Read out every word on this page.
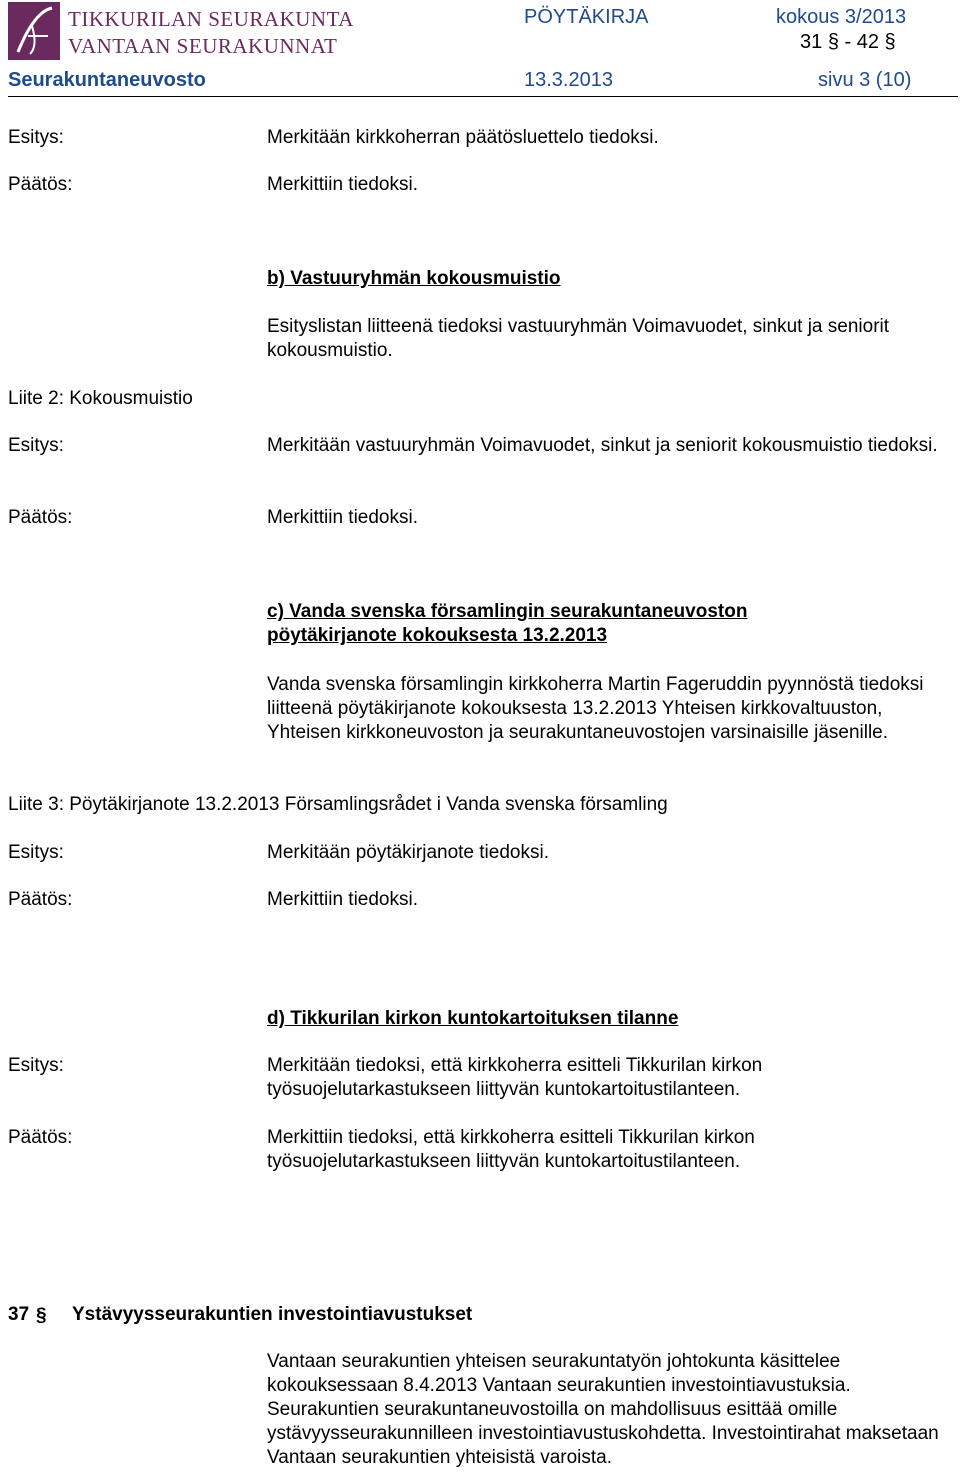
TIKKURILAN SEURAKUNTA
VANTAAN SEURAKUNNAT
PÖYTÄKIRJA	kokous 3/2013
31 § - 42 §
Seurakuntaneuvosto	13.3.2013	sivu 3 (10)
Esitys:	Merkitään kirkkoherran päätösluettelo tiedoksi.
Päätös:	Merkittiin tiedoksi.
b) Vastuuryhmän kokousmuistio
Esityslistan liitteenä tiedoksi vastuuryhmän Voimavuodet, sinkut ja seniorit kokousmuistio.
Liite 2: Kokousmuistio
Esitys:	Merkitään vastuuryhmän Voimavuodet, sinkut ja seniorit kokousmuistio tiedoksi.
Päätös:	Merkittiin tiedoksi.
c) Vanda svenska församlingin seurakuntaneuvoston pöytäkirjanote kokouksesta 13.2.2013
Vanda svenska församlingin kirkkoherra Martin Fageruddin pyynnöstä tiedoksi liitteenä pöytäkirjanote kokouksesta 13.2.2013 Yhteisen kirkkovaltuuston, Yhteisen kirkkoneuvoston ja seurakuntaneuvostojen varsinaisille jäsenille.
Liite 3: Pöytäkirjanote 13.2.2013 Församlingsrådet i Vanda svenska församling
Esitys:	Merkitään pöytäkirjanote tiedoksi.
Päätös:	Merkittiin tiedoksi.
d) Tikkurilan kirkon kuntokartoituksen tilanne
Esitys:	Merkitään tiedoksi, että kirkkoherra esitteli Tikkurilan kirkon työsuojelutarkastukseen liittyvän kuntokartoitustilanteen.
Päätös:	Merkittiin tiedoksi, että kirkkoherra esitteli Tikkurilan kirkon työsuojelutarkastukseen liittyvän kuntokartoitustilanteen.
37 § Ystävyysseurakuntien investointiavustukset
Vantaan seurakuntien yhteisen seurakuntatyön johtokunta käsittelee kokouksessaan 8.4.2013 Vantaan seurakuntien investointiavustuksia. Seurakuntien seurakuntaneuvostoilla on mahdollisuus esittää omille ystävyysseurakunnilleen investointiavustuskohdetta. Investointirahat maksetaan Vantaan seurakuntien yhteisistä varoista.
